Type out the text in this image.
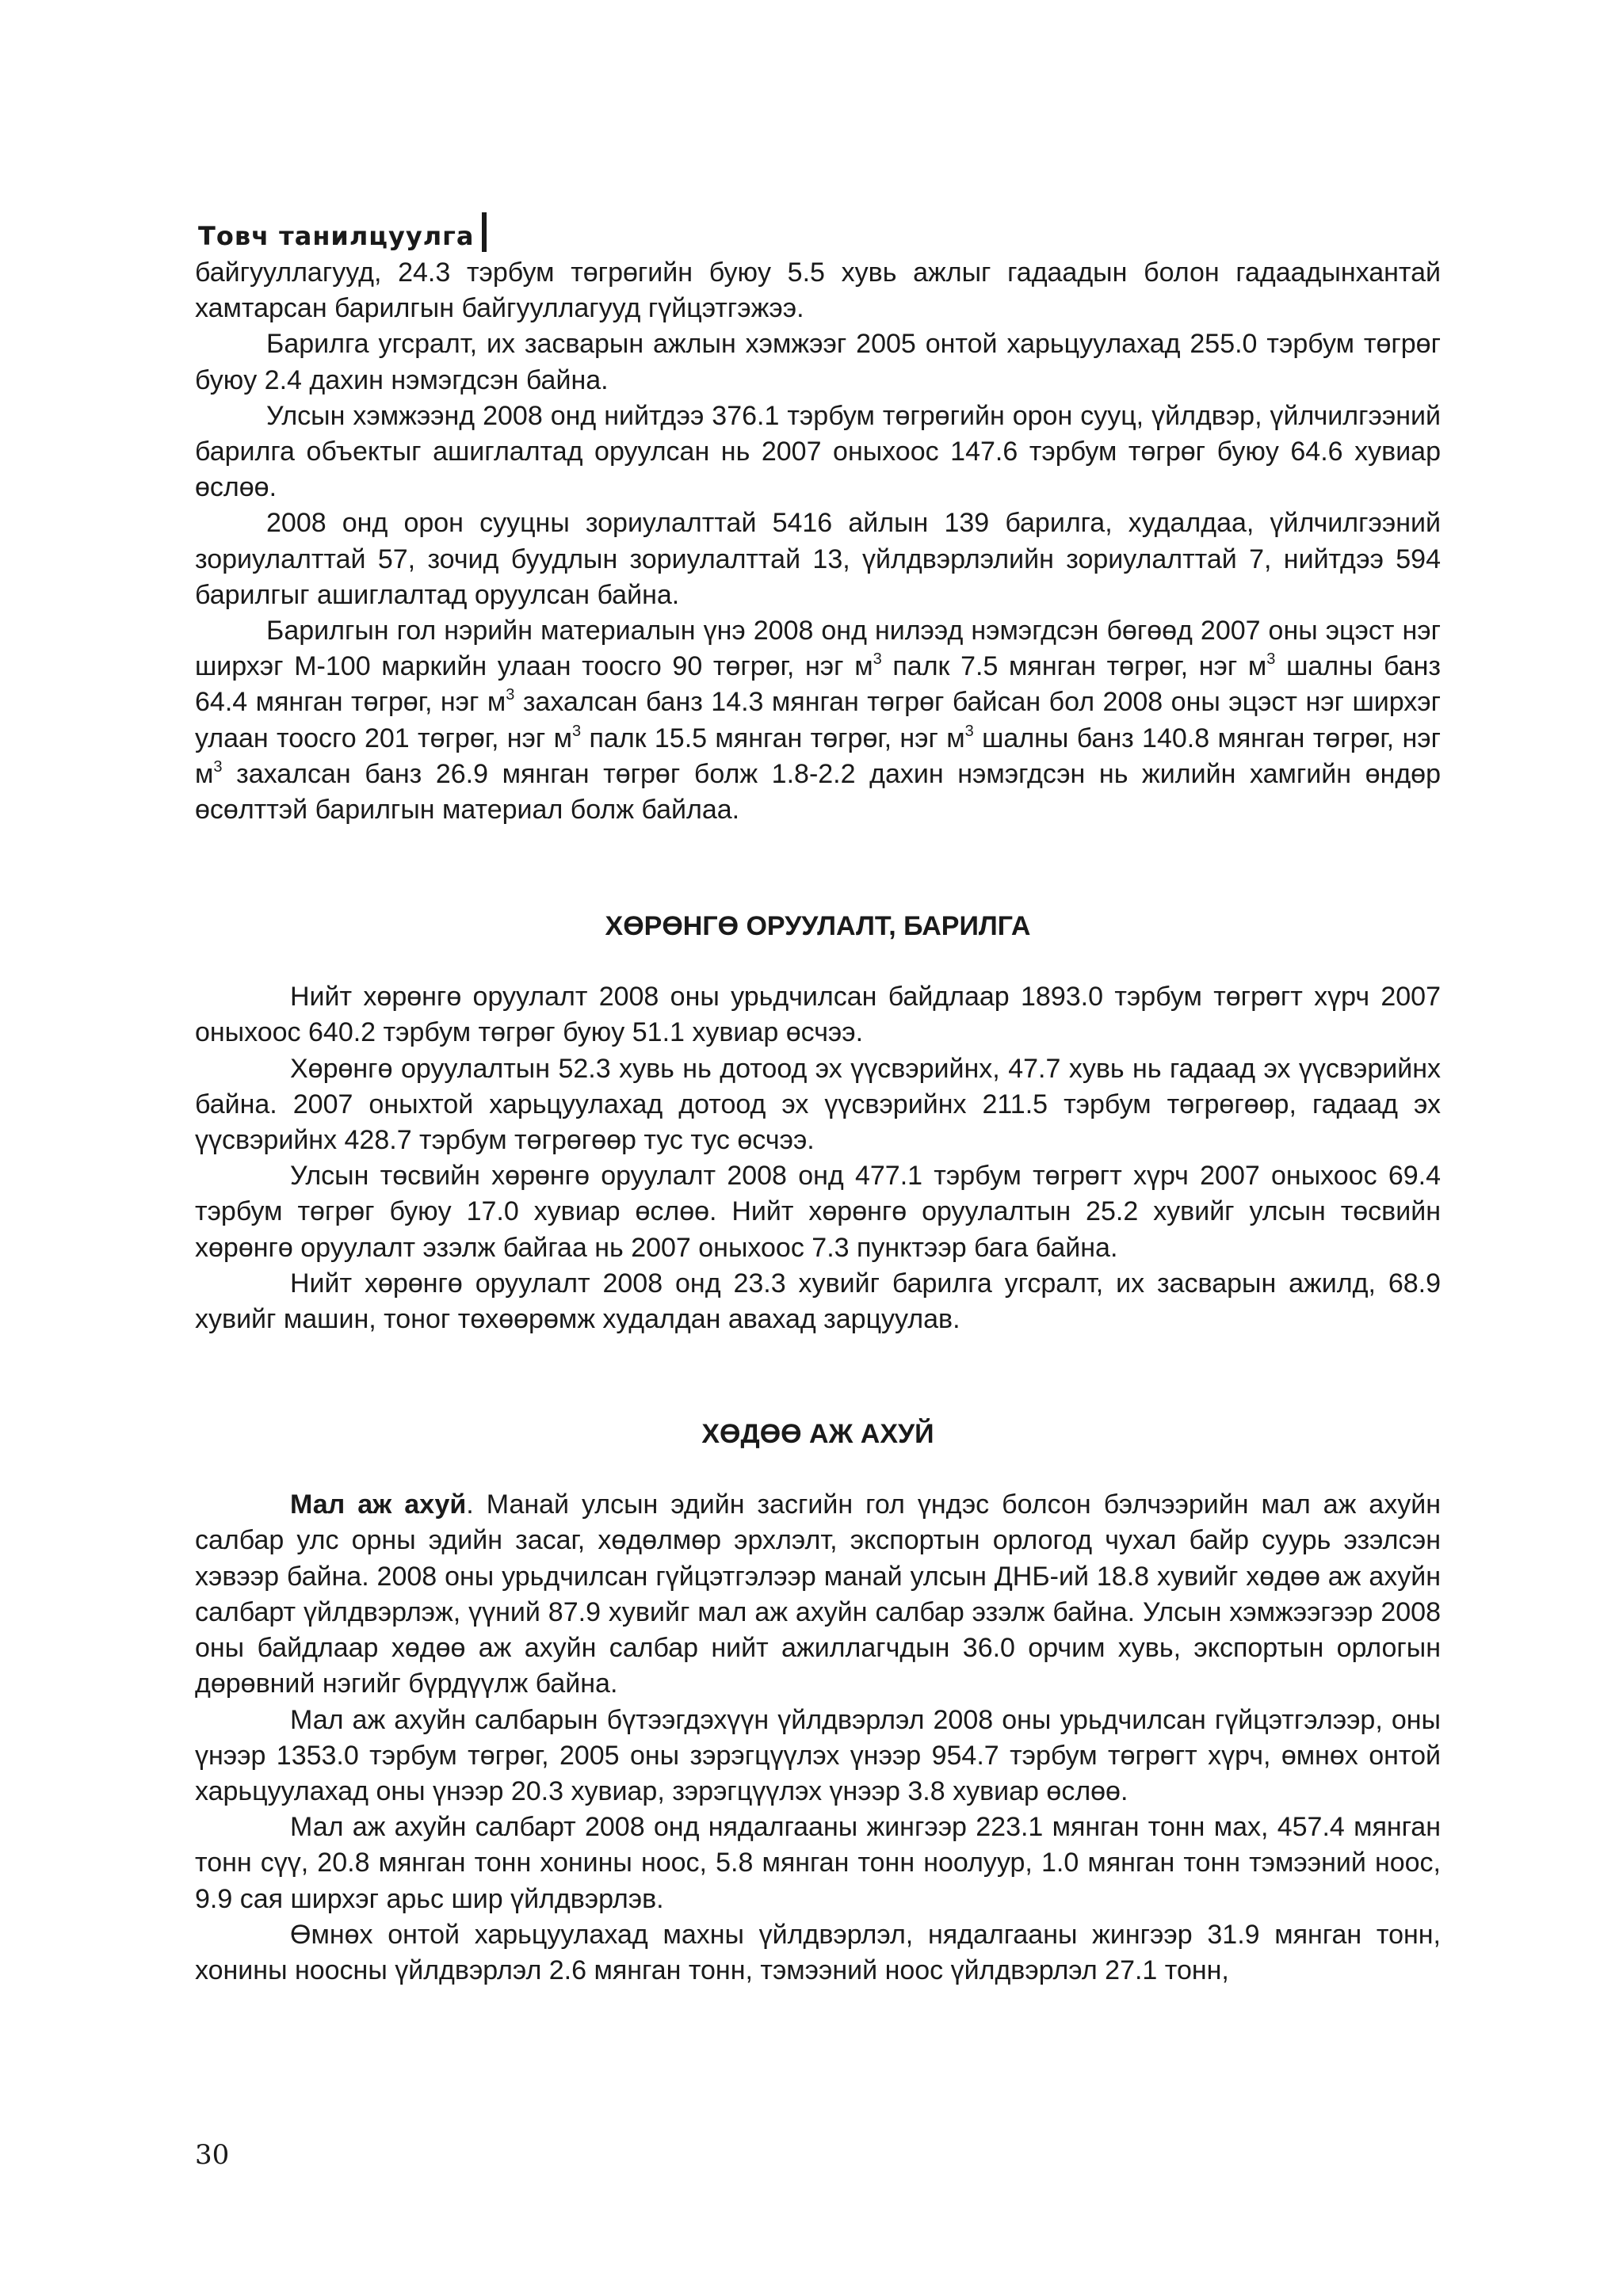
Товч танилцуулга

байгууллагууд, 24.3 тэрбум төгрөгийн буюу 5.5 хувь ажлыг гадаадын болон гадаадынхантай хамтарсан барилгын байгууллагууд гүйцэтгэжээ.

Барилга угсралт, их засварын ажлын хэмжээг 2005 онтой харьцуулахад 255.0 тэрбум төгрөг буюу 2.4 дахин нэмэгдсэн байна.

Улсын хэмжээнд 2008 онд нийтдээ 376.1 тэрбум төгрөгийн орон сууц, үйлдвэр, үйлчилгээний барилга объектыг ашиглалтад оруулсан нь 2007 оныхоос 147.6 тэрбум төгрөг буюу 64.6 хувиар өслөө.

2008 онд орон сууцны зориулалттай 5416 айлын 139 барилга, худалдаа, үйлчилгээний зориулалттай 57, зочид буудлын зориулалттай 13, үйлдвэрлэлийн зориулалттай 7, нийтдээ 594 барилгыг ашиглалтад оруулсан байна.

Барилгын гол нэрийн материалын үнэ 2008 онд нилээд нэмэгдсэн бөгөөд 2007 оны эцэст нэг ширхэг М-100 маркийн улаан тоосго 90 төгрөг, нэг $м^3$ палк 7.5 мянган төгрөг, нэг $м^3$ шалны банз 64.4 мянган төгрөг, нэг $м^3$ захалсан банз 14.3 мянган төгрөг байсан бол 2008 оны эцэст нэг ширхэг улаан тоосго 201 төгрөг, нэг $м^3$ палк 15.5 мянган төгрөг, нэг $м^3$ шалны банз 140.8 мянган төгрөг, нэг $м^3$ захалсан банз 26.9 мянган төгрөг болж 1.8-2.2 дахин нэмэгдсэн нь жилийн хамгийн өндөр өсөлттэй барилгын материал болж байлаа.

ХӨРӨНГӨ ОРУУЛАЛТ, БАРИЛГА

Нийт хөрөнгө оруулалт 2008 оны урьдчилсан байдлаар 1893.0 тэрбум төгрөгт хүрч 2007 оныхоос 640.2 тэрбум төгрөг буюу 51.1 хувиар өсчээ.

Хөрөнгө оруулалтын 52.3 хувь нь дотоод эх үүсвэрийнх, 47.7 хувь нь гадаад эх үүсвэрийнх байна. 2007 оныхтой харьцуулахад дотоод эх үүсвэрийнх 211.5 тэрбум төгрөгөөр, гадаад эх үүсвэрийнх 428.7 тэрбум төгрөгөөр тус тус өсчээ.

Улсын төсвийн хөрөнгө оруулалт 2008 онд 477.1 тэрбум төгрөгт хүрч 2007 оныхоос 69.4 тэрбум төгрөг буюу 17.0 хувиар өслөө. Нийт хөрөнгө оруулалтын 25.2 хувийг улсын төсвийн хөрөнгө оруулалт эзэлж байгаа нь 2007 оныхоос 7.3 пунктээр бага байна.

Нийт хөрөнгө оруулалт 2008 онд 23.3 хувийг барилга угсралт, их засварын ажилд, 68.9 хувийг машин, тоног төхөөрөмж худалдан авахад зарцуулав.

ХӨДӨӨ АЖ АХУЙ

Мал аж ахуй. Манай улсын эдийн засгийн гол үндэс болсон бэлчээрийн мал аж ахуйн салбар улс орны эдийн засаг, хөдөлмөр эрхлэлт, экспортын орлогод чухал байр суурь эзэлсэн хэвээр байна. 2008 оны урьдчилсан гүйцэтгэлээр манай улсын ДНБ-ий 18.8 хувийг хөдөө аж ахуйн салбарт үйлдвэрлэж, үүний 87.9 хувийг мал аж ахуйн салбар эзэлж байна. Улсын хэмжээгээр 2008 оны байдлаар хөдөө аж ахуйн салбар нийт ажиллагчдын 36.0 орчим хувь, экспортын орлогын дөрөвний нэгийг бүрдүүлж байна.

Мал аж ахуйн салбарын бүтээгдэхүүн үйлдвэрлэл 2008 оны урьдчилсан гүйцэтгэлээр, оны үнээр 1353.0 тэрбум төгрөг, 2005 оны зэрэгцүүлэх үнээр 954.7 тэрбум төгрөгт хүрч, өмнөх онтой харьцуулахад оны үнээр 20.3 хувиар, зэрэгцүүлэх үнээр 3.8 хувиар өслөө.

Мал аж ахуйн салбарт 2008 онд нядалгааны жингээр 223.1 мянган тонн мах, 457.4 мянган тонн сүү, 20.8 мянган тонн хонины ноос, 5.8 мянган тонн ноолуур, 1.0 мянган тонн тэмээний ноос, 9.9 сая ширхэг арьс шир үйлдвэрлэв.

Өмнөх онтой харьцуулахад махны үйлдвэрлэл, нядалгааны жингээр 31.9 мянган тонн, хонины ноосны үйлдвэрлэл 2.6 мянган тонн, тэмээний ноос үйлдвэрлэл 27.1 тонн,

30
